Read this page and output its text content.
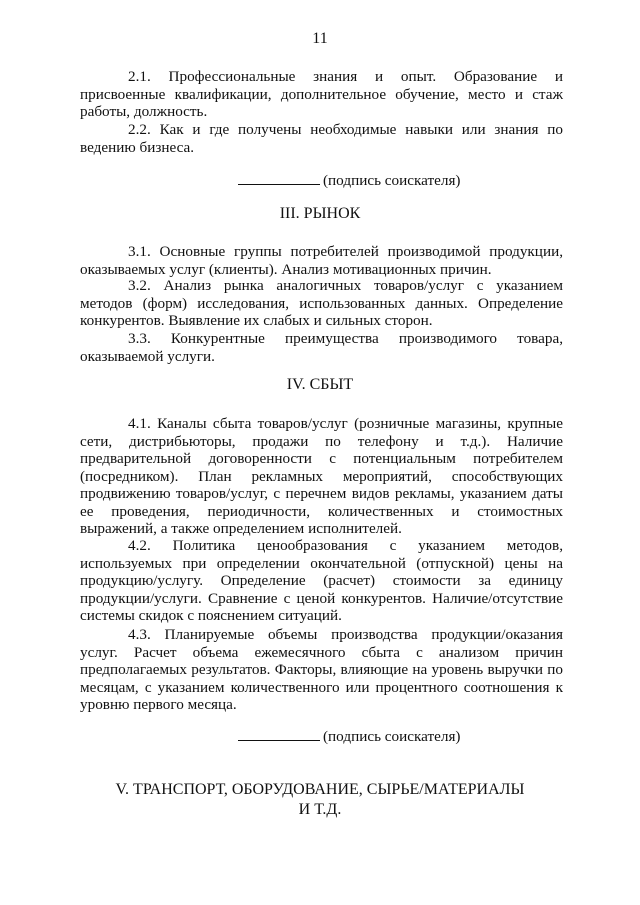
11

2.1. Профессиональные знания и опыт. Образование и присвоенные квалификации, дополнительное обучение, место и стаж работы, должность.

2.2. Как и где получены необходимые навыки или знания по ведению бизнеса.

(подпись соискателя)
III. РЫНОК

3.1. Основные группы потребителей производимой продукции, оказываемых услуг (клиенты). Анализ мотивационных причин.

3.2. Анализ рынка аналогичных товаров/услуг с указанием методов (форм) исследования, использованных данных. Определение конкурентов. Выявление их слабых и сильных сторон.

3.3. Конкурентные преимущества производимого товара, оказываемой услуги.

IV. СБЫТ

4.1. Каналы сбыта товаров/услуг (розничные магазины, крупные сети, дистрибьюторы, продажи по телефону и т.д.). Наличие предварительной договоренности с потенциальным потребителем (посредником). План рекламных мероприятий, способствующих продвижению товаров/услуг, с перечнем видов рекламы, указанием даты ее проведения, периодичности, количественных и стоимостных выражений, а также определением исполнителей.

4.2. Политика ценообразования с указанием методов, используемых при определении окончательной (отпускной) цены на продукцию/услугу. Определение (расчет) стоимости за единицу продукции/услуги. Сравнение с ценой конкурентов. Наличие/отсутствие системы скидок с пояснением ситуаций.

4.3. Планируемые объемы производства продукции/оказания услуг. Расчет объема ежемесячного сбыта с анализом причин предполагаемых результатов. Факторы, влияющие на уровень выручки по месяцам, с указанием количественного или процентного соотношения к уровню первого месяца.

(подпись соискателя)
V. ТРАНСПОРТ, ОБОРУДОВАНИЕ, СЫРЬЕ/МАТЕРИАЛЫ
И Т.Д.
